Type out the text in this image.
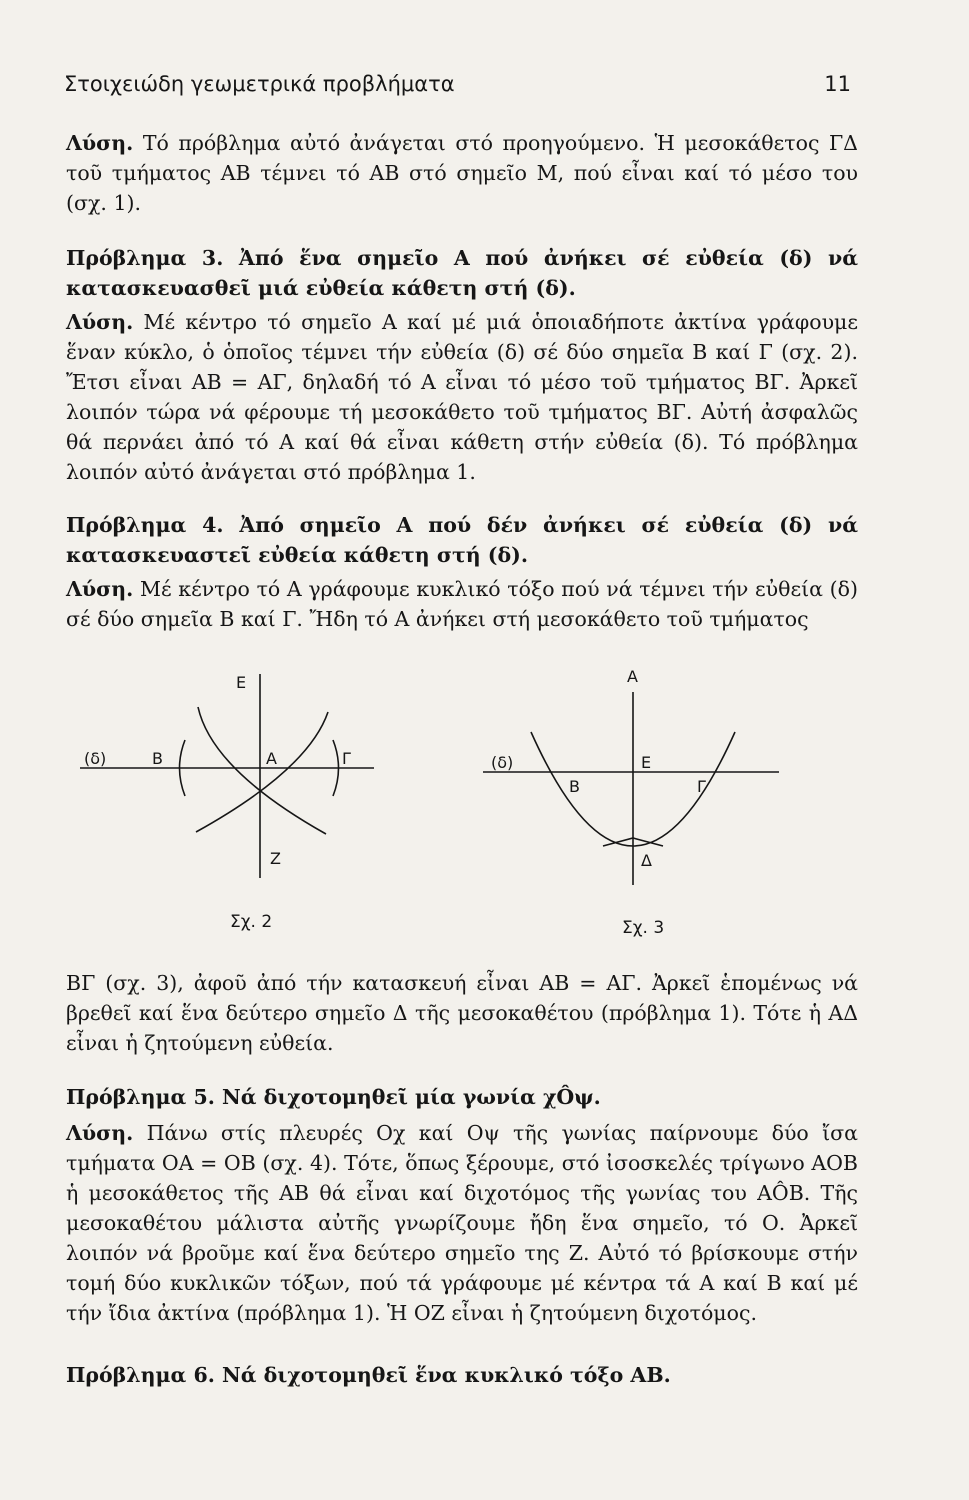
Στοιχειώδη γεωμετρικά προβλήματα	11
Λύση. Τό πρόβλημα αὐτό ἀνάγεται στό προηγούμενο. Ἡ μεσοκάθετος ΓΔ τοῦ τμήματος ΑΒ τέμνει τό ΑΒ στό σημεῖο Μ, πού εἶναι καί τό μέσο του (σχ. 1).
Πρόβλημα 3. Ἀπό ἕνα σημεῖο Α πού ἀνήκει σέ εὐθεία (δ) νά κατασκευασθεῖ μιά εὐθεία κάθετη στή (δ).
Λύση. Μέ κέντρο τό σημεῖο Α καί μέ μιά ὁποιαδήποτε ἀκτίνα γράφουμε ἕναν κύκλο, ὁ ὁποῖος τέμνει τήν εὐθεία (δ) σέ δύο σημεῖα Β καί Γ (σχ. 2). Ἔτσι εἶναι ΑΒ = ΑΓ, δηλαδή τό Α εἶναι τό μέσο τοῦ τμήματος ΒΓ. Ἀρκεῖ λοιπόν τώρα νά φέρουμε τή μεσοκάθετο τοῦ τμήματος ΒΓ. Αὐτή ἀσφαλῶς θά περνάει ἀπό τό Α καί θά εἶναι κάθετη στήν εὐθεία (δ). Τό πρόβλημα λοιπόν αὐτό ἀνάγεται στό πρόβλημα 1.
Πρόβλημα 4. Ἀπό σημεῖο Α πού δέν ἀνήκει σέ εὐθεία (δ) νά κατασκευαστεῖ εὐθεία κάθετη στή (δ).
Λύση. Μέ κέντρο τό Α γράφουμε κυκλικό τόξο πού νά τέμνει τήν εὐθεία (δ) σέ δύο σημεῖα Β καί Γ. Ἤδη τό Α ἀνήκει στή μεσοκάθετο τοῦ τμήματος
(δ)	Β	Α	Γ
Ε
Ζ
Σχ. 2
Α
(δ)
Β
Ε
Γ
Δ
Σχ. 3
ΒΓ (σχ. 3), ἀφοῦ ἀπό τήν κατασκευή εἶναι ΑΒ = ΑΓ. Ἀρκεῖ ἑπομένως νά βρεθεῖ καί ἕνα δεύτερο σημεῖο Δ τῆς μεσοκαθέτου (πρόβλημα 1). Τότε ἡ ΑΔ εἶναι ἡ ζητούμενη εὐθεία.
Πρόβλημα 5. Νά διχοτομηθεῖ μία γωνία χÔψ.
Λύση. Πάνω στίς πλευρές Οχ καί Οψ τῆς γωνίας παίρνουμε δύο ἴσα τμήματα ΟΑ = ΟΒ (σχ. 4). Τότε, ὅπως ξέρουμε, στό ἰσοσκελές τρίγωνο ΑΟΒ ἡ μεσοκάθετος τῆς ΑΒ θά εἶναι καί διχοτόμος τῆς γωνίας του ΑÔΒ. Τῆς μεσοκαθέτου μάλιστα αὐτῆς γνωρίζουμε ἤδη ἕνα σημεῖο, τό Ο. Ἀρκεῖ λοιπόν νά βροῦμε καί ἕνα δεύτερο σημεῖο της Ζ. Αὐτό τό βρίσκουμε στήν τομή δύο κυκλικῶν τόξων, πού τά γράφουμε μέ κέντρα τά Α καί Β καί μέ τήν ἴδια ἀκτίνα (πρόβλημα 1). Ἡ ΟΖ εἶναι ἡ ζητούμενη διχοτόμος.
Πρόβλημα 6. Νά διχοτομηθεῖ ἕνα κυκλικό τόξο ΑΒ.
